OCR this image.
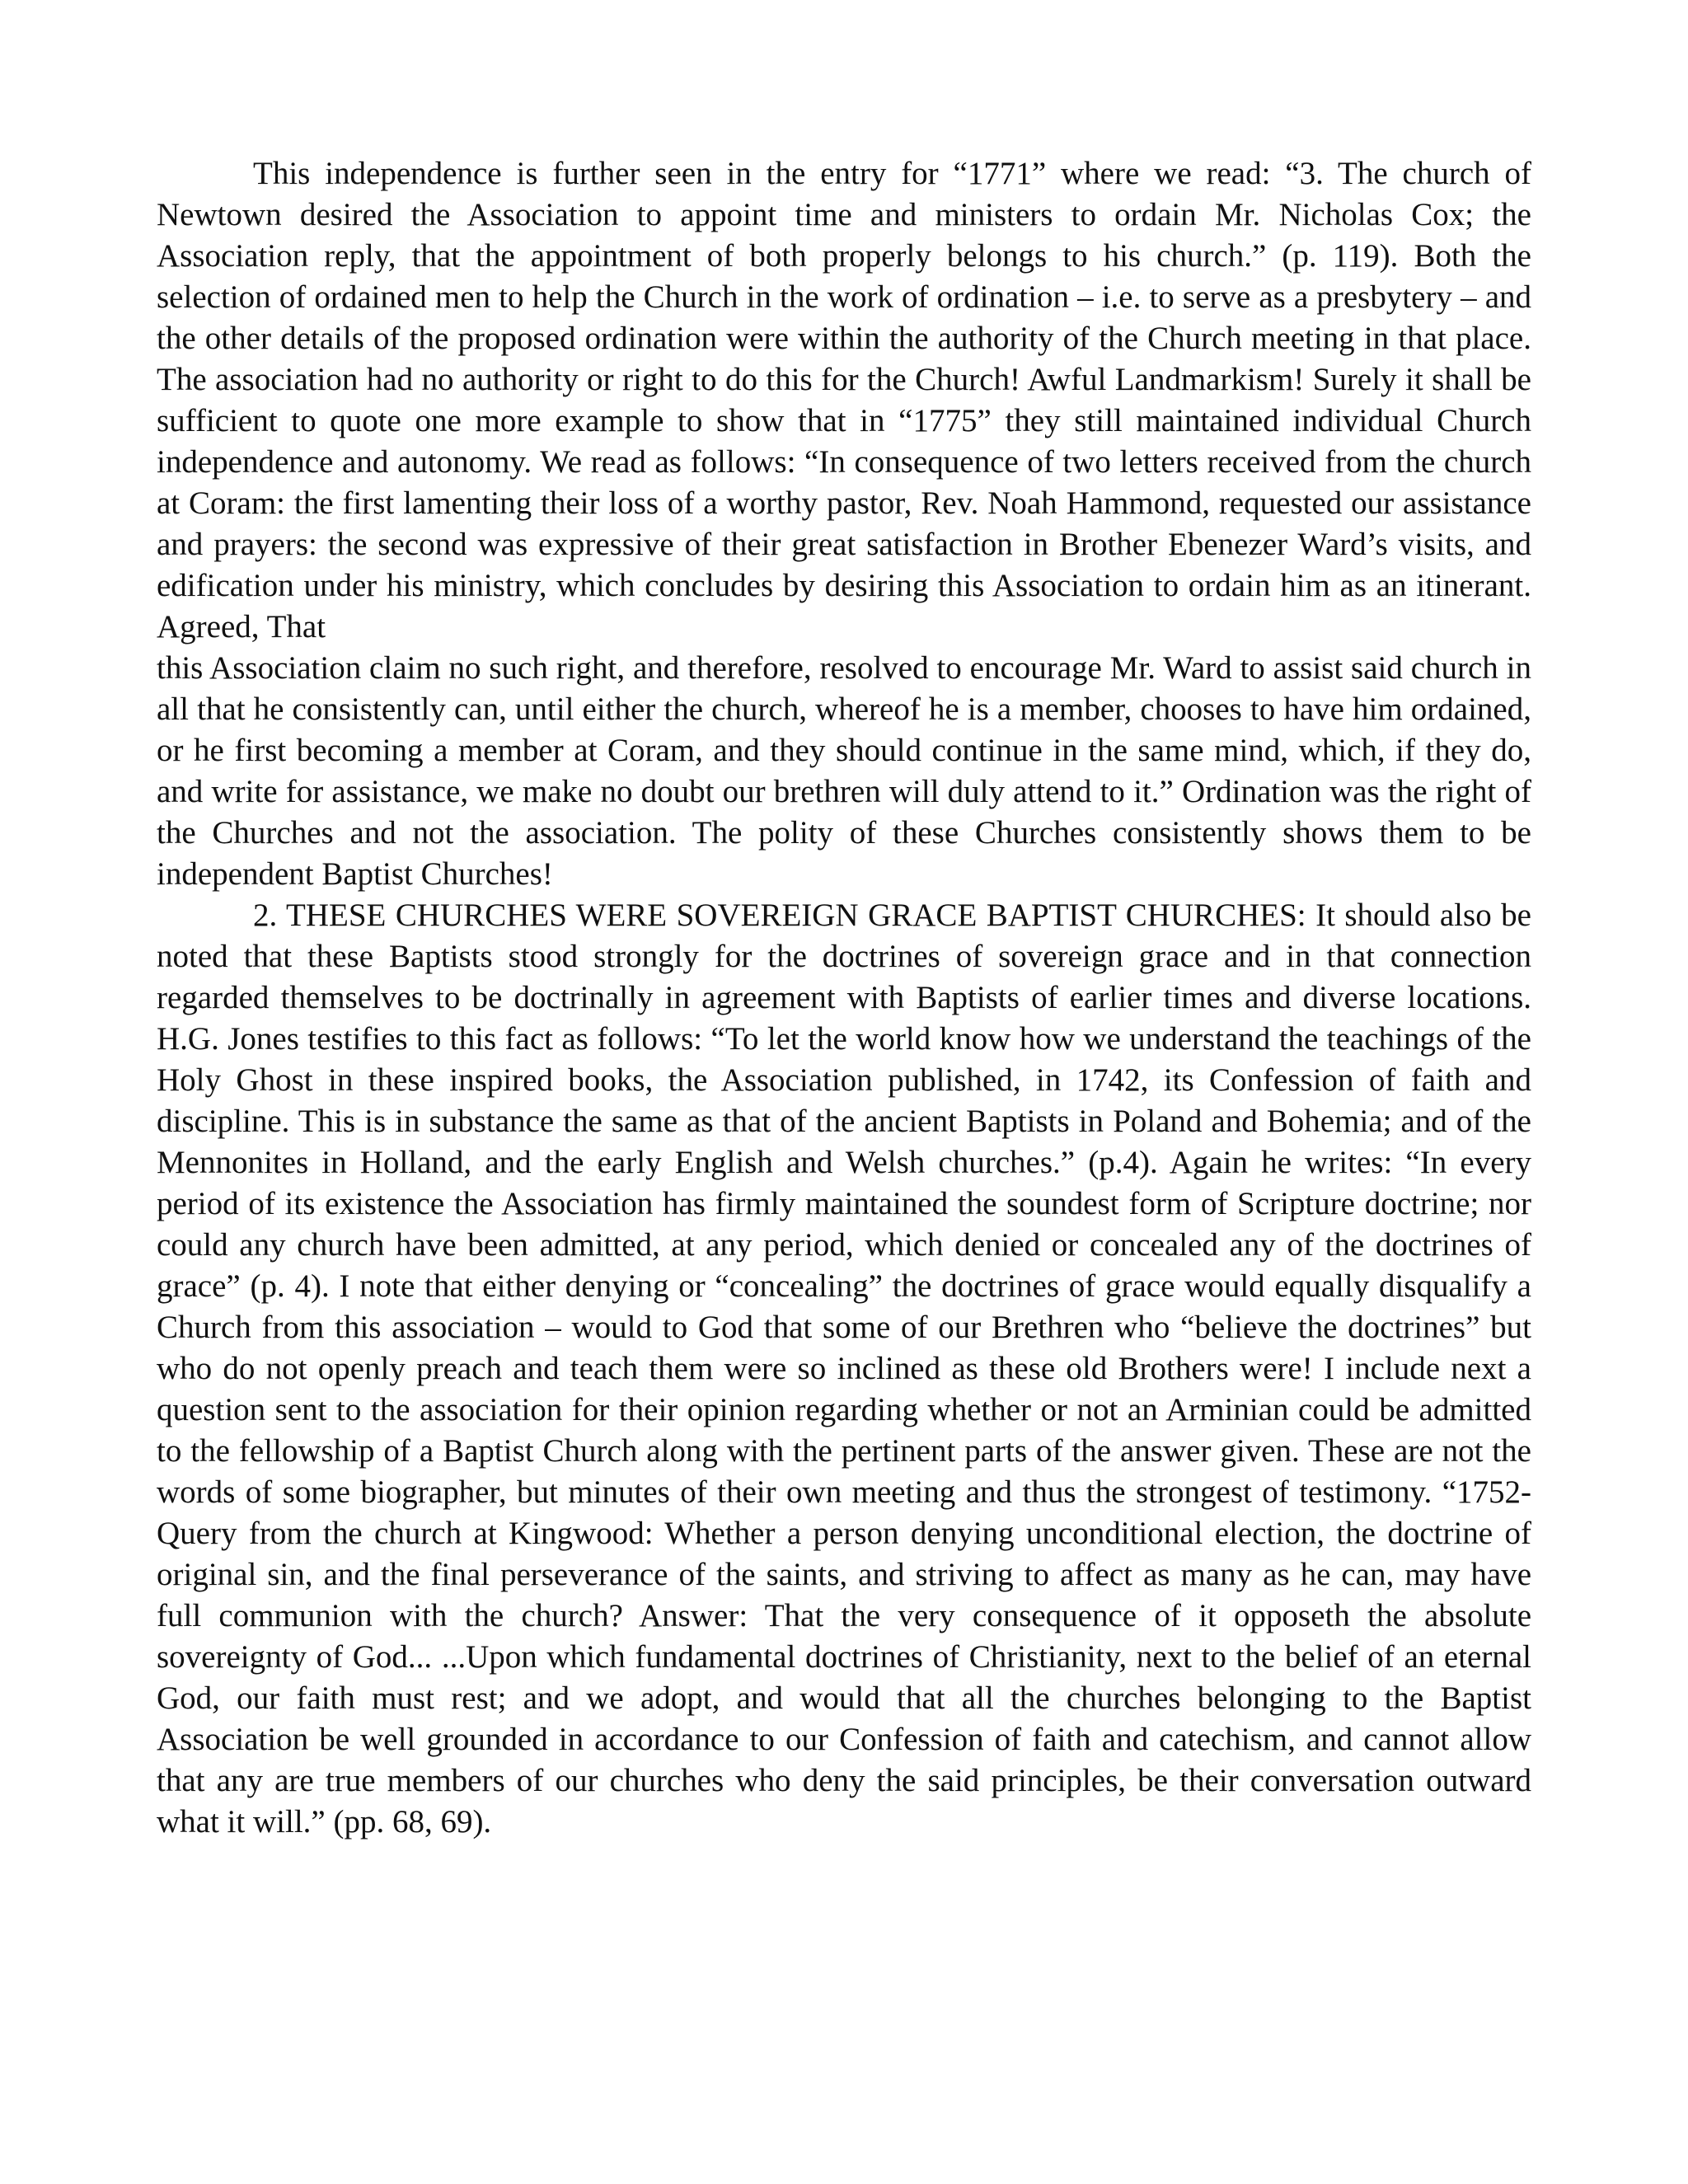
This independence is further seen in the entry for “1771” where we read: “3. The church of Newtown desired the Association to appoint time and ministers to ordain Mr. Nicholas Cox; the Association reply, that the appointment of both properly belongs to his church.” (p. 119). Both the selection of ordained men to help the Church in the work of ordination – i.e. to serve as a presbytery – and the other details of the proposed ordination were within the authority of the Church meeting in that place. The association had no authority or right to do this for the Church! Awful Landmarkism! Surely it shall be sufficient to quote one more example to show that in “1775” they still maintained individual Church independence and autonomy. We read as follows: “In consequence of two letters received from the church at Coram: the first lamenting their loss of a worthy pastor, Rev. Noah Hammond, requested our assistance and prayers: the second was expressive of their great satisfaction in Brother Ebenezer Ward’s visits, and edification under his ministry, which concludes by desiring this Association to ordain him as an itinerant. Agreed, That

this Association claim no such right, and therefore, resolved to encourage Mr. Ward to assist said church in all that he consistently can, until either the church, whereof he is a member, chooses to have him ordained, or he first becoming a member at Coram, and they should continue in the same mind, which, if they do, and write for assistance, we make no doubt our brethren will duly attend to it.” Ordination was the right of the Churches and not the association. The polity of these Churches consistently shows them to be independent Baptist Churches!

2. THESE CHURCHES WERE SOVEREIGN GRACE BAPTIST CHURCHES: It should also be noted that these Baptists stood strongly for the doctrines of sovereign grace and in that connection regarded themselves to be doctrinally in agreement with Baptists of earlier times and diverse locations. H.G. Jones testifies to this fact as follows: “To let the world know how we understand the teachings of the Holy Ghost in these inspired books, the Association published, in 1742, its Confession of faith and discipline. This is in substance the same as that of the ancient Baptists in Poland and Bohemia; and of the Mennonites in Holland, and the early English and Welsh churches.” (p.4). Again he writes: “In every period of its existence the Association has firmly maintained the soundest form of Scripture doctrine; nor could any church have been admitted, at any period, which denied or concealed any of the doctrines of grace” (p. 4). I note that either denying or “concealing” the doctrines of grace would equally disqualify a Church from this association – would to God that some of our Brethren who “believe the doctrines” but who do not openly preach and teach them were so inclined as these old Brothers were! I include next a question sent to the association for their opinion regarding whether or not an Arminian could be admitted to the fellowship of a Baptist Church along with the pertinent parts of the answer given. These are not the words of some biographer, but minutes of their own meeting and thus the strongest of testimony. “1752- Query from the church at Kingwood: Whether a person denying unconditional election, the doctrine of original sin, and the final perseverance of the saints, and striving to affect as many as he can, may have full communion with the church? Answer: That the very consequence of it opposeth the absolute sovereignty of God... ...Upon which fundamental doctrines of Christianity, next to the belief of an eternal God, our faith must rest; and we adopt, and would that all the churches belonging to the Baptist Association be well grounded in accordance to our Confession of faith and catechism, and cannot allow that any are true members of our churches who deny the said principles, be their conversation outward what it will.” (pp. 68, 69).
